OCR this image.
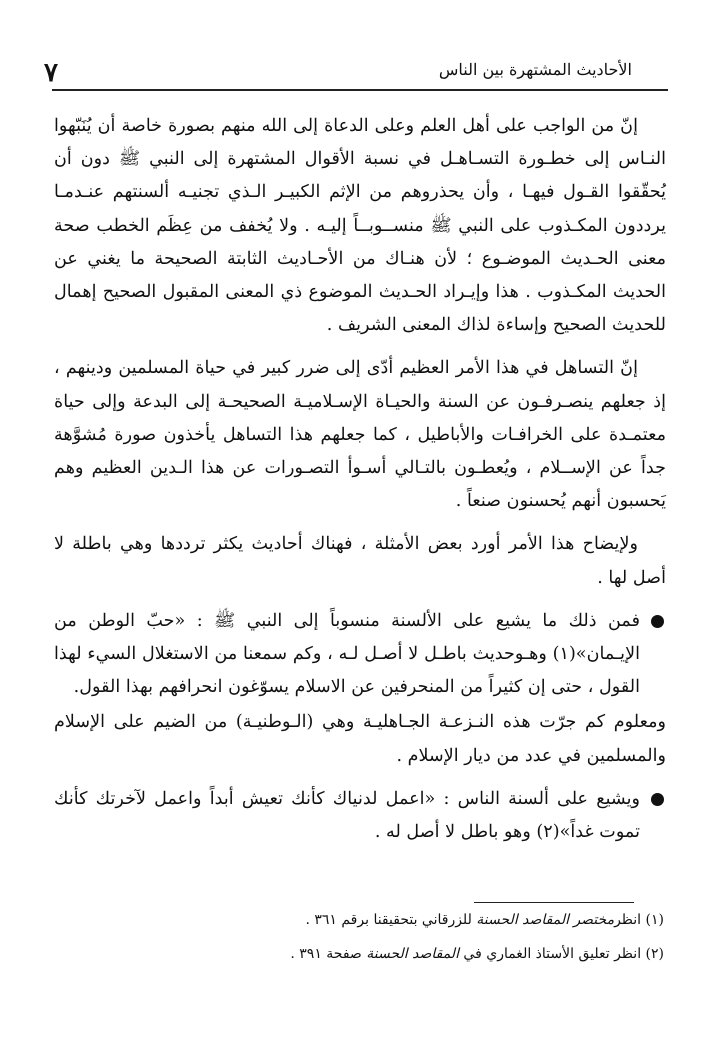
٧	الأحاديث المشتهرة بين الناس

إنّ من الواجب على أهل العلم وعلى الدعاة إلى الله منهم بصورة خاصة أن يُنَبّهوا النـاس إلى خطـورة التسـاهـل في نسبة الأقوال المشتهرة إلى النبي ﷺ دون أن يُحقّقوا القـول فيهـا ، وأن يحذروهم من الإثم الكبيـر الـذي تجنيـه ألسنتهم عنـدمـا يرددون المكـذوب على النبي ﷺ منســوبــاً إليـه . ولا يُخفف من عِظَم الخطب صحة معنى الحـديث الموضـوع ؛ لأن هنـاك من الأحـاديث الثابتة الصحيحة ما يغني عن الحديث المكـذوب . هذا وإيـراد الحـديث الموضوع ذي المعنى المقبول الصحيح إهمال للحديث الصحيح وإساءة لذاك المعنى الشريف .

إنّ التساهل في هذا الأمر العظيم أدّى إلى ضرر كبير في حياة المسلمين ودينهم ، إذ جعلهم ينصـرفـون عن السنة والحيـاة الإسـلاميـة الصحيحـة إلى البدعة وإلى حياة معتمـدة على الخرافـات والأباطيل ، كما جعلهم هذا التساهل يأخذون صورة مُشوَّهة جداً عن الإســلام ، ويُعطـون بالتـالي أسـوأ التصـورات عن هذا الـدين العظيم وهم يَحسبون أنهم يُحسنون صنعاً .

ولإيضاح هذا الأمر أورد بعض الأمثلة ، فهناك أحاديث يكثر ترددها وهي باطلة لا أصل لها .

فمن ذلك ما يشيع على الألسنة منسوباً إلى النبي ﷺ : «حبّ الوطن من الإيـمان»(١) وهـوحديث باطـل لا أصـل لـه ، وكم سمعنا من الاستغلال السيء لهذا القول ، حتى إن كثيراً من المنحرفين عن الاسلام يسوّغون انحرافهم بهذا القول.

ومعلوم كم جرّت هذه النـزعـة الجـاهليـة وهي (الـوطنيـة) من الضيم على الإسلام والمسلمين في عدد من ديار الإسلام .

ويشيع على ألسنة الناس : «اعمل لدنياك كأنك تعيش أبداً واعمل لآخرتك كأنك تموت غداً»(٢) وهو باطل لا أصل له .

(١) انظرمختصر المقاصد الحسنة للزرقاني بتحقيقنا برقم ٣٦١ .

(٢) انظر تعليق الأستاذ الغماري في المقاصد الحسنة صفحة ٣٩١ .
